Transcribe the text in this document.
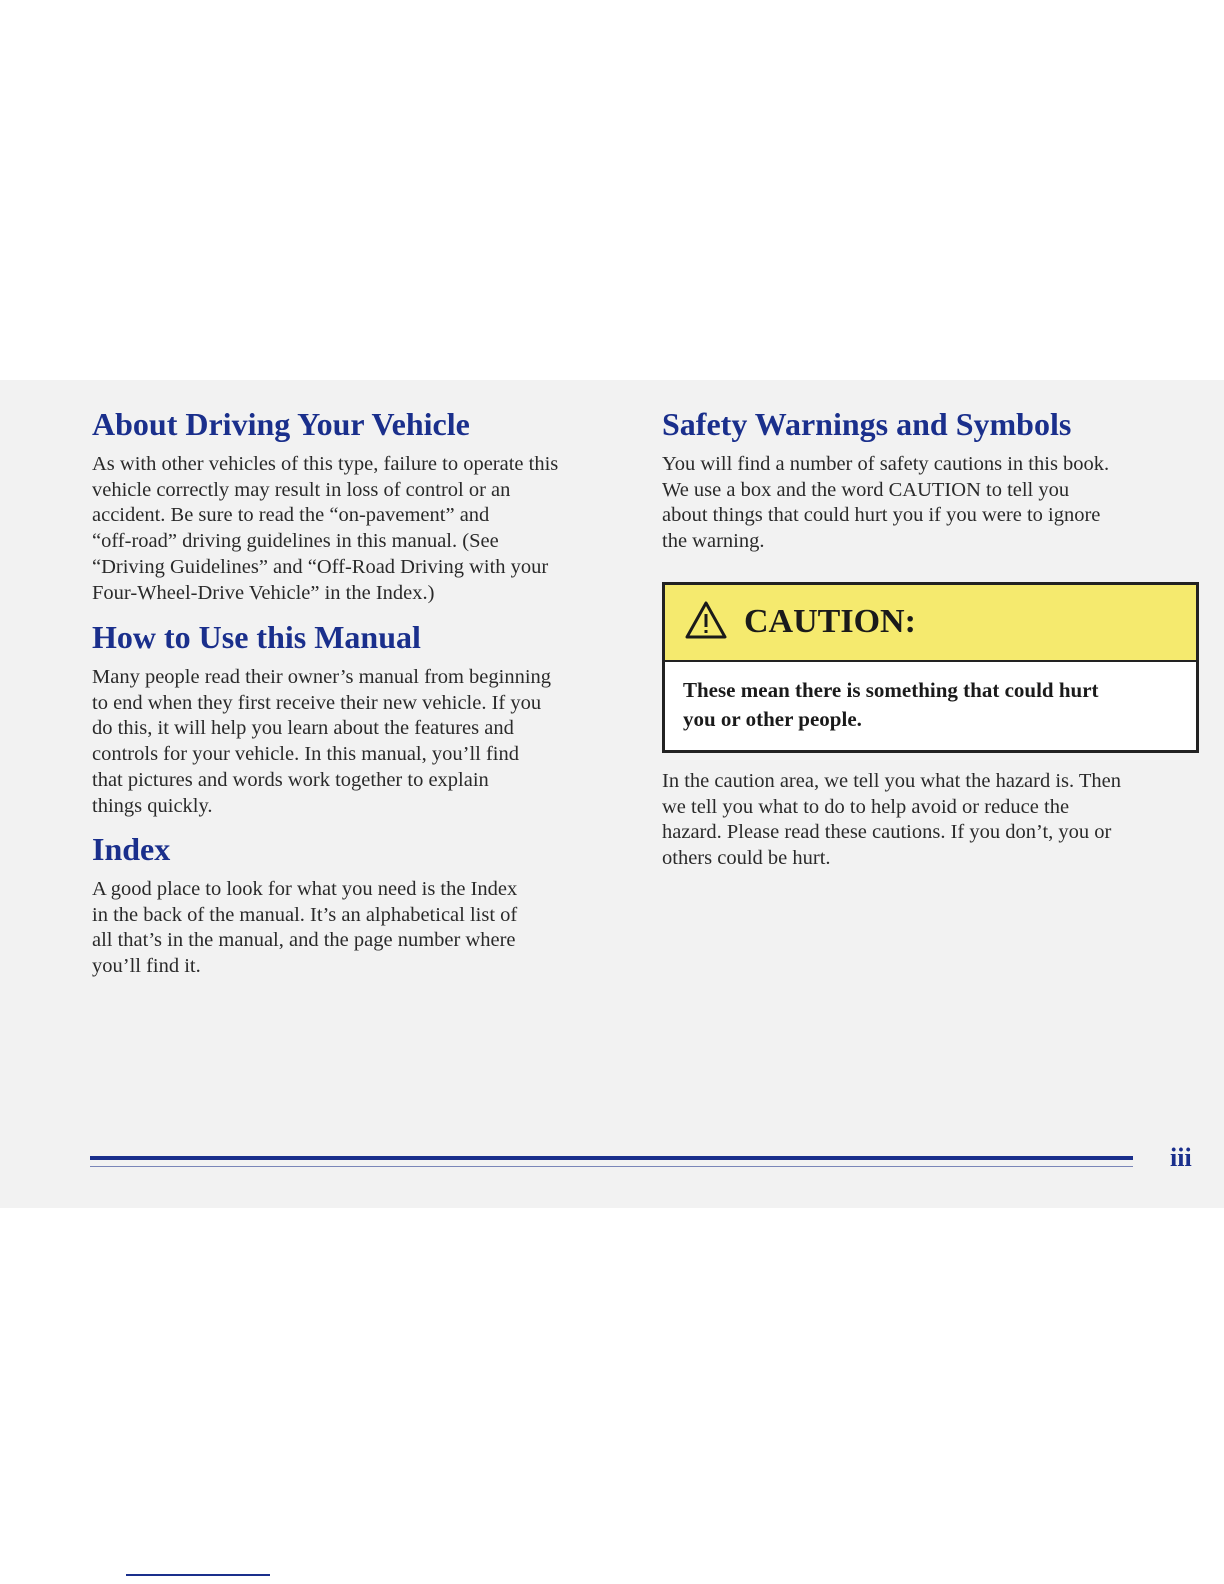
About Driving Your Vehicle

As with other vehicles of this type, failure to operate this
vehicle correctly may result in loss of control or an
accident. Be sure to read the “on-pavement” and
“off-road” driving guidelines in this manual. (See
“Driving Guidelines” and “Off-Road Driving with your
Four-Wheel-Drive Vehicle” in the Index.)

How to Use this Manual

Many people read their owner’s manual from beginning
to end when they first receive their new vehicle. If you
do this, it will help you learn about the features and
controls for your vehicle. In this manual, you’ll find
that pictures and words work together to explain
things quickly.

Index

A good place to look for what you need is the Index
in the back of the manual. It’s an alphabetical list of
all that’s in the manual, and the page number where
you’ll find it.

Safety Warnings and Symbols

You will find a number of safety cautions in this book.
We use a box and the word CAUTION to tell you
about things that could hurt you if you were to ignore
the warning.

CAUTION:

These mean there is something that could hurt
you or other people.

In the caution area, we tell you what the hazard is. Then
we tell you what to do to help avoid or reduce the
hazard. Please read these cautions. If you don’t, you or
others could be hurt.

iii
